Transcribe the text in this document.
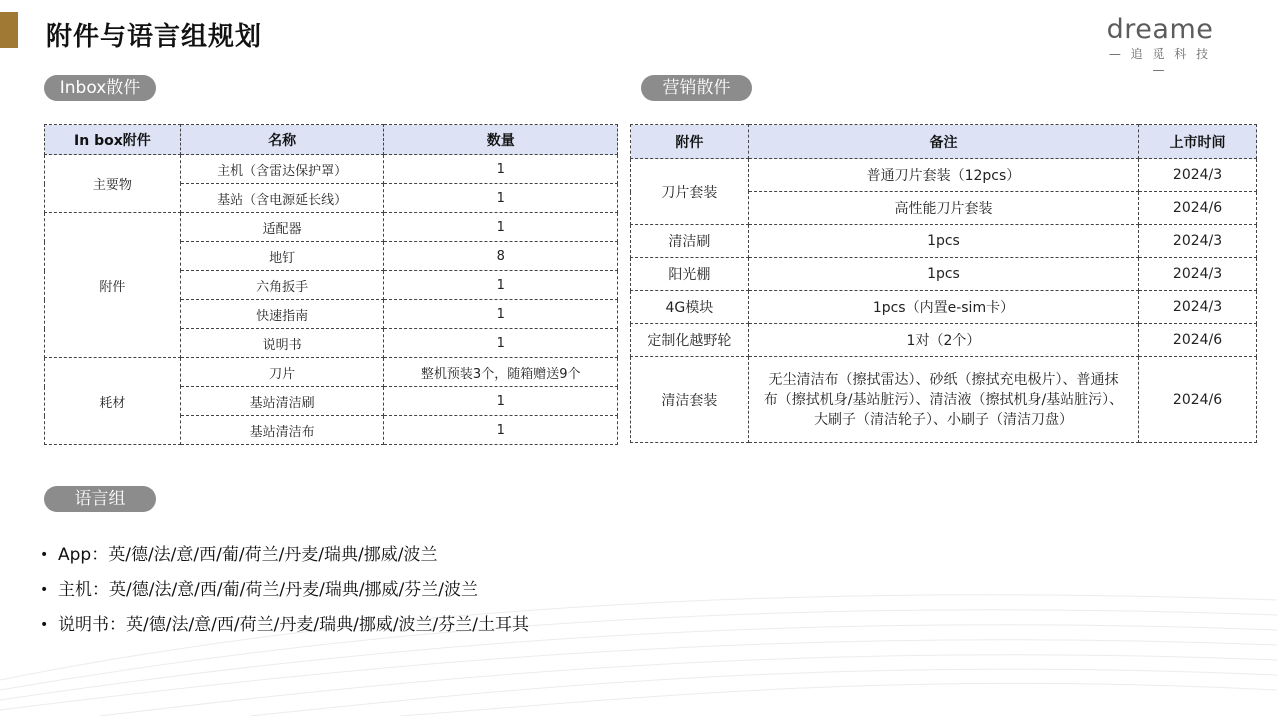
附件与语言组规划	dreame
— 追 觅 科 技 —
Inbox散件	营销散件
语言组
In box附件	名称	数量
主要物	主机（含雷达保护罩）	1
	基站（含电源延长线）	1
附件	适配器	1
	地钉	8
	六角扳手	1
	快速指南	1
	说明书	1
耗材	刀片	整机预装3个，随箱赠送9个
	基站清洁刷	1
	基站清洁布	1
附件	备注	上市时间
刀片套装	普通刀片套装（12pcs）	2024/3
	高性能刀片套装	2024/6
清洁刷	1pcs	2024/3
阳光棚	1pcs	2024/3
4G模块	1pcs（内置e-sim卡）	2024/3
定制化越野轮	1对（2个）	2024/6
清洁套装	无尘清洁布（擦拭雷达）、砂纸（擦拭充电极片）、普通抹布（擦拭机身/基站脏污）、清洁液（擦拭机身/基站脏污）、大刷子（清洁轮子）、小刷子（清洁刀盘）	2024/6
• App： 英/德/法/意/西/葡/荷兰/丹麦/瑞典/挪威/波兰
• 主机： 英/德/法/意/西/葡/荷兰/丹麦/瑞典/挪威/芬兰/波兰
• 说明书： 英/德/法/意/西/荷兰/丹麦/瑞典/挪威/波兰/芬兰/土耳其
